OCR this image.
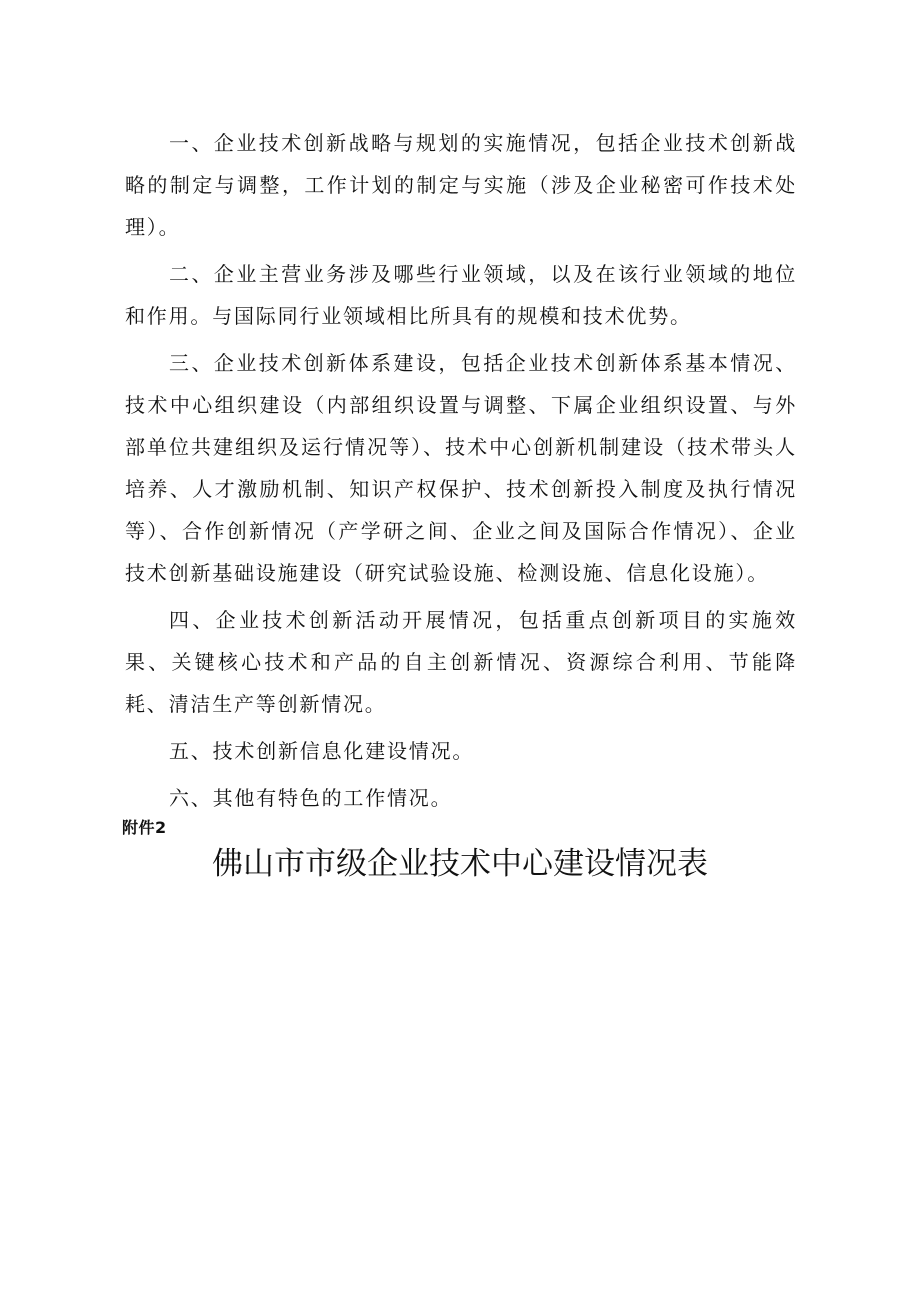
一、企业技术创新战略与规划的实施情况，包括企业技术创新战略的制定与调整，工作计划的制定与实施（涉及企业秘密可作技术处理）。

二、企业主营业务涉及哪些行业领域，以及在该行业领域的地位和作用。与国际同行业领域相比所具有的规模和技术优势。

三、企业技术创新体系建设，包括企业技术创新体系基本情况、技术中心组织建设（内部组织设置与调整、下属企业组织设置、与外部单位共建组织及运行情况等）、技术中心创新机制建设（技术带头人培养、人才激励机制、知识产权保护、技术创新投入制度及执行情况等）、合作创新情况（产学研之间、企业之间及国际合作情况）、企业技术创新基础设施建设（研究试验设施、检测设施、信息化设施）。

四、企业技术创新活动开展情况，包括重点创新项目的实施效果、关键核心技术和产品的自主创新情况、资源综合利用、节能降耗、清洁生产等创新情况。

五、技术创新信息化建设情况。

六、其他有特色的工作情况。

附件2
佛山市市级企业技术中心建设情况表
